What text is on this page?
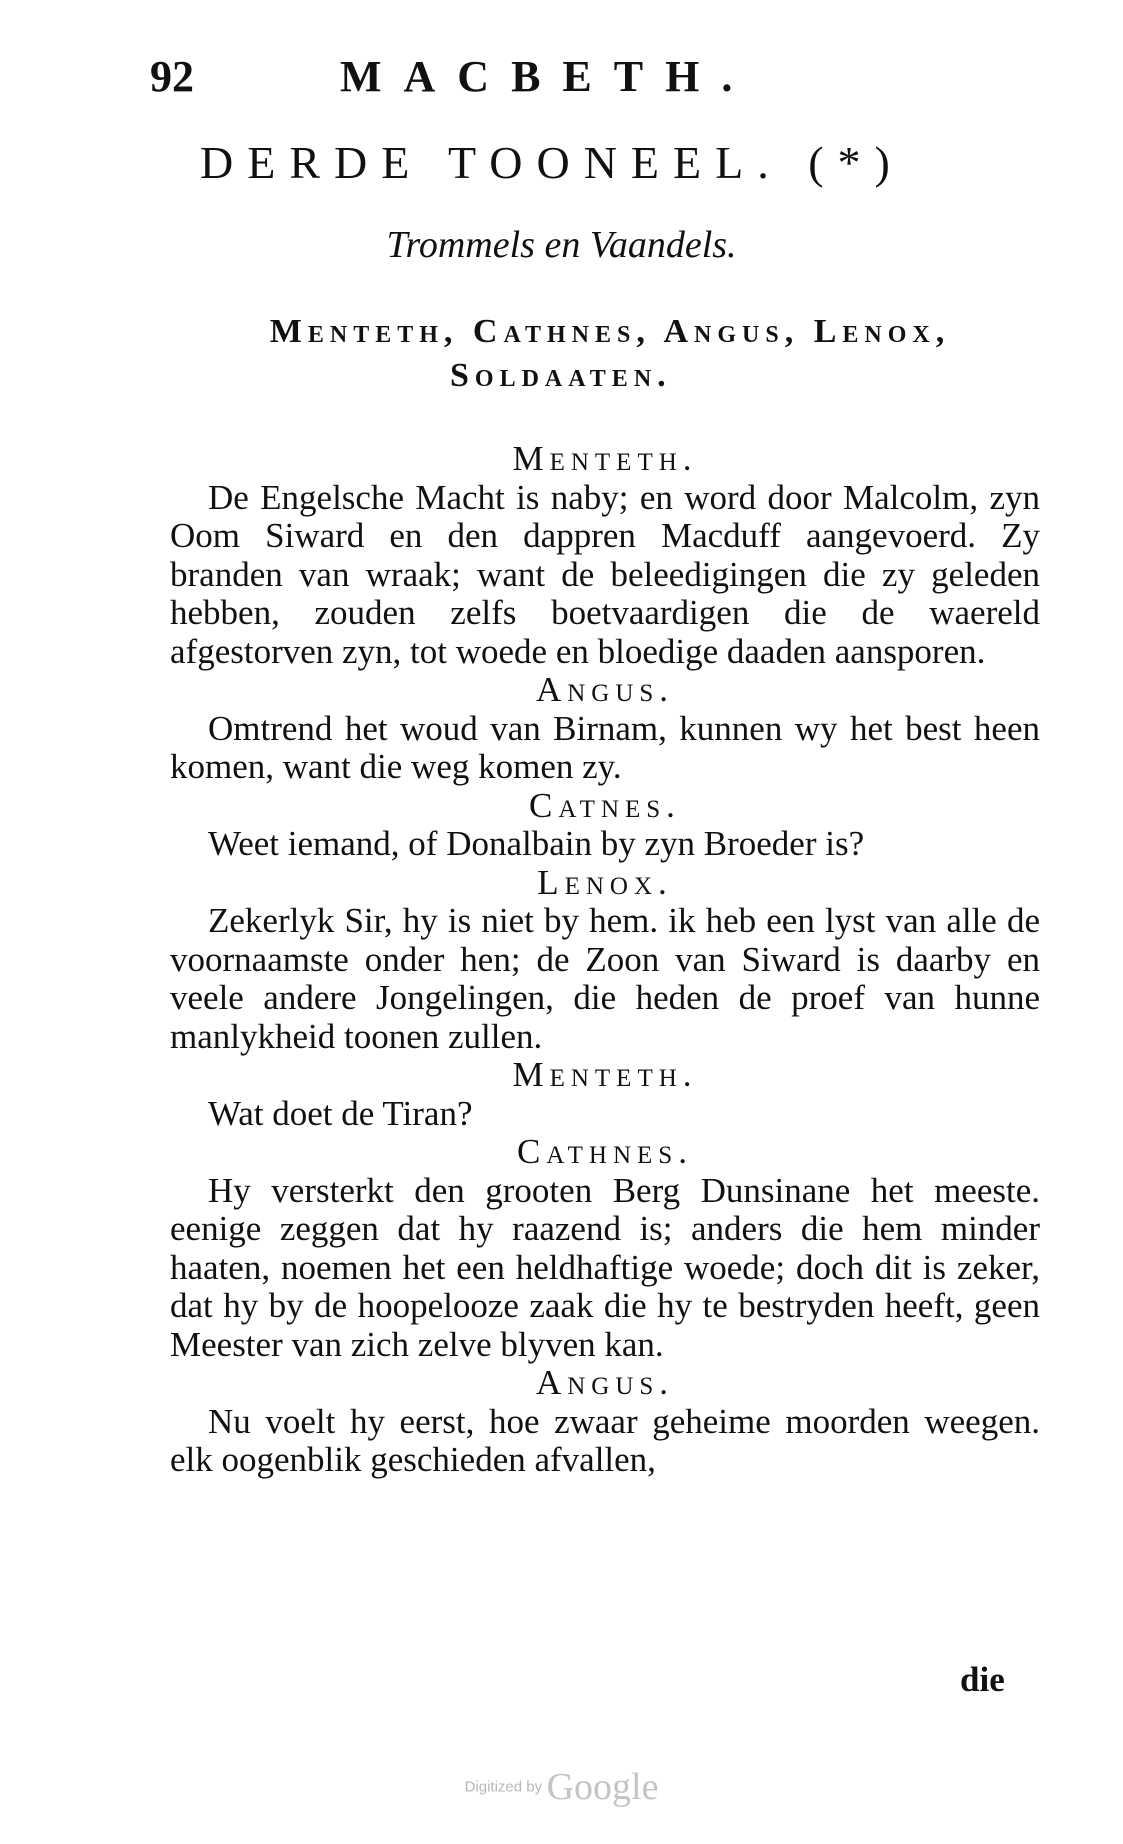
92	MACBETH.
DERDE TOONEEL. (*)
Trommels en Vaandels.
Menteth, Cathnes, Angus, Lenox,
Soldaaten.

Menteth.

De Engelsche Macht is naby; en word door Malcolm, zyn Oom Siward en den dappren Macduff aangevoerd. Zy branden van wraak; want de beleedigingen die zy geleden hebben, zouden zelfs boetvaardigen die de waereld afgestorven zyn, tot woede en bloedige daaden aansporen.

Angus.

Omtrend het woud van Birnam, kunnen wy het best heen komen, want die weg komen zy.

Catnes.

Weet iemand, of Donalbain by zyn Broeder is?

Lenox.

Zekerlyk Sir, hy is niet by hem. ik heb een lyst van alle de voornaamste onder hen; de Zoon van Siward is daarby en veele andere Jongelingen, die heden de proef van hunne manlykheid toonen zullen.

Menteth.

Wat doet de Tiran?

Cathnes.

Hy versterkt den grooten Berg Dunsinane het meeste. eenige zeggen dat hy raazend is; anders die hem minder haaten, noemen het een heldhaftige woede; doch dit is zeker, dat hy by de hoopelooze zaak die hy te bestryden heeft, geen Meester van zich zelve blyven kan.

Angus.

Nu voelt hy eerst, hoe zwaar geheime moorden weegen. elk oogenblik geschieden afvallen,

die
Digitized by Google
